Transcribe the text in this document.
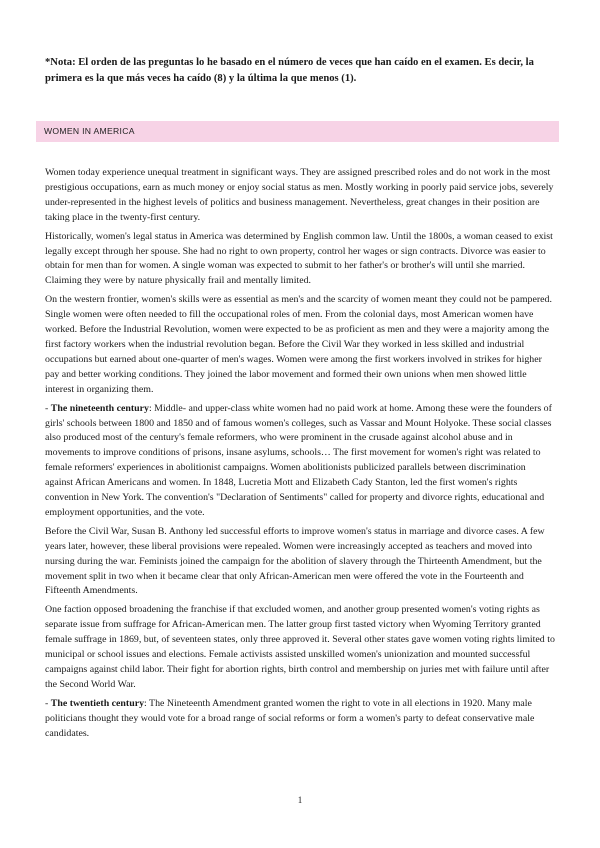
*Nota: El orden de las preguntas lo he basado en el número de veces que han caído en el examen. Es decir, la primera es la que más veces ha caído (8) y la última la que menos (1).
WOMEN IN AMERICA

Women today experience unequal treatment in significant ways. They are assigned prescribed roles and do not work in the most prestigious occupations, earn as much money or enjoy social status as men. Mostly working in poorly paid service jobs, severely under-represented in the highest levels of politics and business management. Nevertheless, great changes in their position are taking place in the twenty-first century.

Historically, women's legal status in America was determined by English common law. Until the 1800s, a woman ceased to exist legally except through her spouse. She had no right to own property, control her wages or sign contracts. Divorce was easier to obtain for men than for women. A single woman was expected to submit to her father's or brother's will until she married. Claiming they were by nature physically frail and mentally limited.

On the western frontier, women's skills were as essential as men's and the scarcity of women meant they could not be pampered. Single women were often needed to fill the occupational roles of men. From the colonial days, most American women have worked. Before the Industrial Revolution, women were expected to be as proficient as men and they were a majority among the first factory workers when the industrial revolution began. Before the Civil War they worked in less skilled and industrial occupations but earned about one-quarter of men's wages. Women were among the first workers involved in strikes for higher pay and better working conditions. They joined the labor movement and formed their own unions when men showed little interest in organizing them.

- The nineteenth century: Middle- and upper-class white women had no paid work at home. Among these were the founders of girls' schools between 1800 and 1850 and of famous women's colleges, such as Vassar and Mount Holyoke. These social classes also produced most of the century's female reformers, who were prominent in the crusade against alcohol abuse and in movements to improve conditions of prisons, insane asylums, schools… The first movement for women's right was related to female reformers' experiences in abolitionist campaigns. Women abolitionists publicized parallels between discrimination against African Americans and women. In 1848, Lucretia Mott and Elizabeth Cady Stanton, led the first women's rights convention in New York. The convention's "Declaration of Sentiments" called for property and divorce rights, educational and employment opportunities, and the vote.

Before the Civil War, Susan B. Anthony led successful efforts to improve women's status in marriage and divorce cases. A few years later, however, these liberal provisions were repealed. Women were increasingly accepted as teachers and moved into nursing during the war. Feminists joined the campaign for the abolition of slavery through the Thirteenth Amendment, but the movement split in two when it became clear that only African-American men were offered the vote in the Fourteenth and Fifteenth Amendments.

One faction opposed broadening the franchise if that excluded women, and another group presented women's voting rights as separate issue from suffrage for African-American men. The latter group first tasted victory when Wyoming Territory granted female suffrage in 1869, but, of seventeen states, only three approved it. Several other states gave women voting rights limited to municipal or school issues and elections. Female activists assisted unskilled women's unionization and mounted successful campaigns against child labor. Their fight for abortion rights, birth control and membership on juries met with failure until after the Second World War.

- The twentieth century: The Nineteenth Amendment granted women the right to vote in all elections in 1920. Many male politicians thought they would vote for a broad range of social reforms or form a women's party to defeat conservative male candidates.

1
